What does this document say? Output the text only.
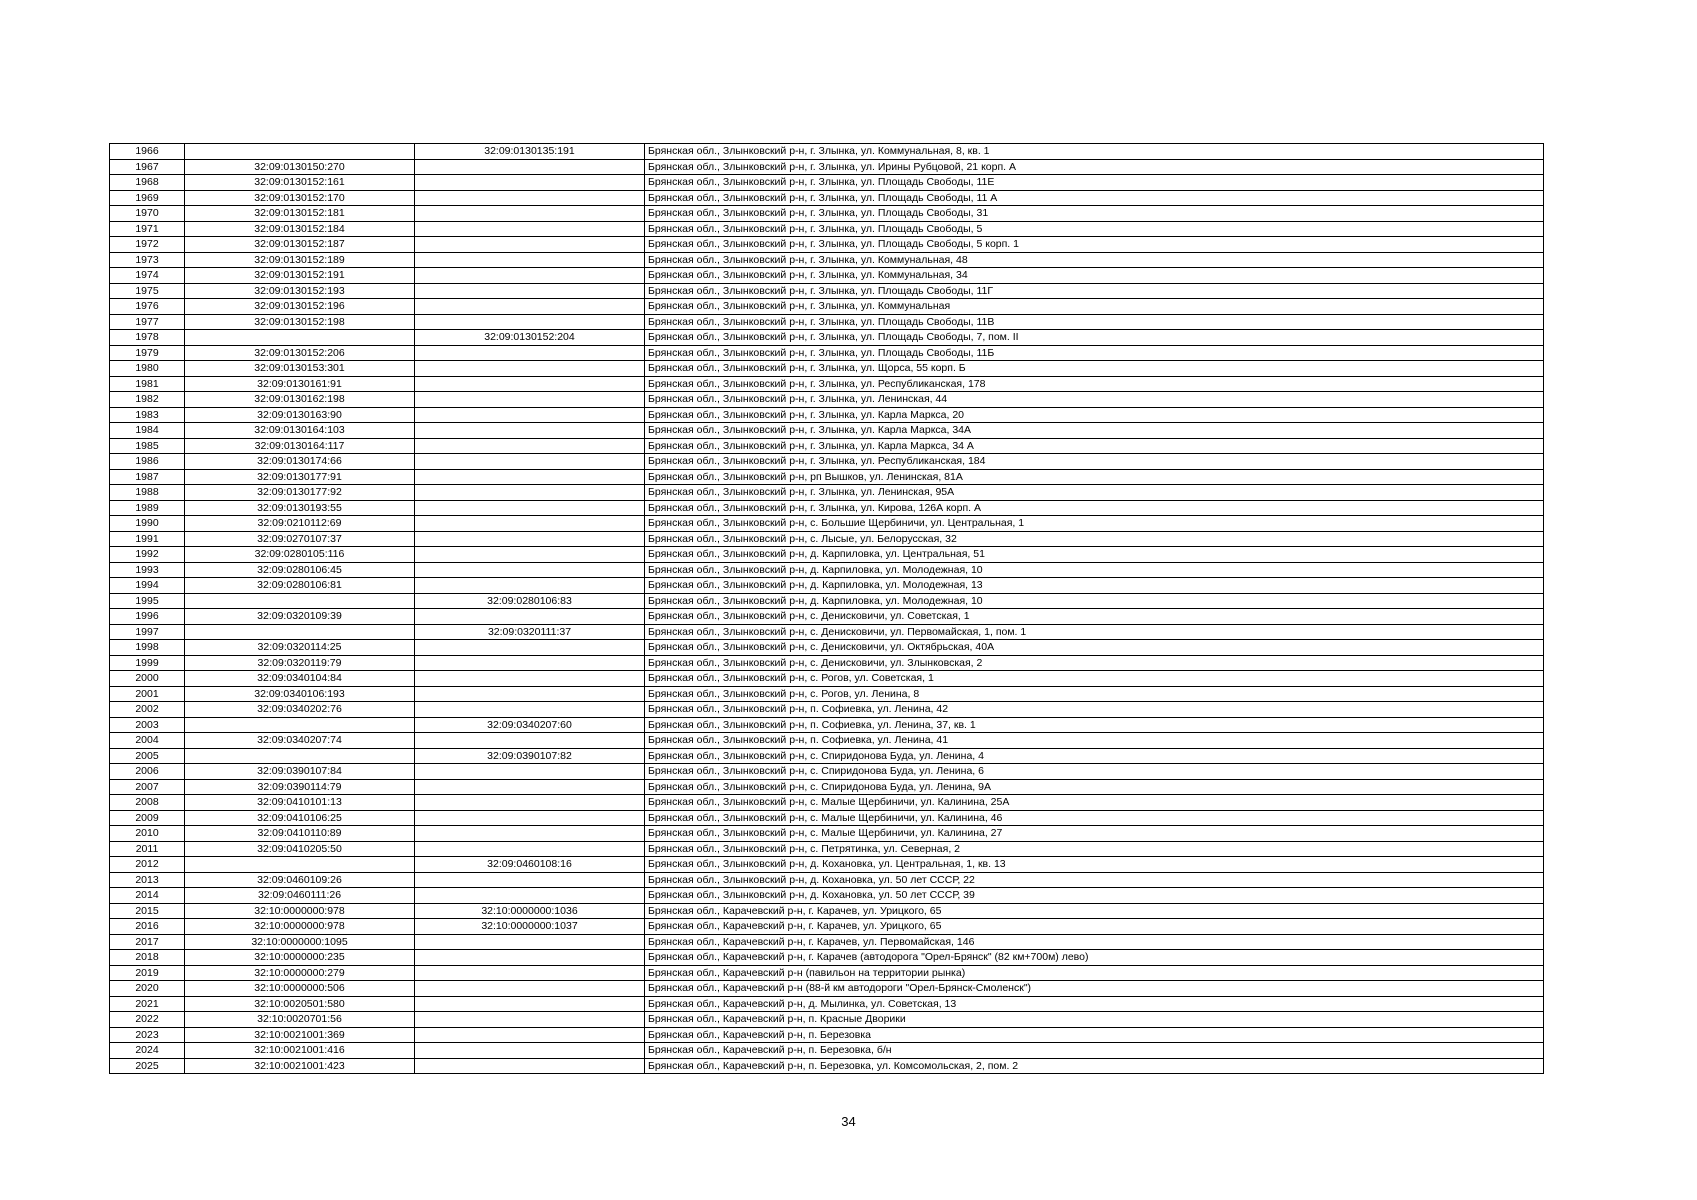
1966		32:09:0130135:191	Брянская обл., Злынковский р-н, г. Злынка, ул. Коммунальная, 8, кв. 1
1967	32:09:0130150:270		Брянская обл., Злынковский р-н, г. Злынка, ул. Ирины Рубцовой, 21 корп. А
1968	32:09:0130152:161		Брянская обл., Злынковский р-н, г. Злынка, ул. Площадь Свободы, 11Е
1969	32:09:0130152:170		Брянская обл., Злынковский р-н, г. Злынка, ул. Площадь Свободы, 11 А
1970	32:09:0130152:181		Брянская обл., Злынковский р-н, г. Злынка, ул. Площадь Свободы, 31
1971	32:09:0130152:184		Брянская обл., Злынковский р-н, г. Злынка, ул. Площадь Свободы, 5
1972	32:09:0130152:187		Брянская обл., Злынковский р-н, г. Злынка, ул. Площадь Свободы, 5 корп. 1
1973	32:09:0130152:189		Брянская обл., Злынковский р-н, г. Злынка, ул. Коммунальная, 48
1974	32:09:0130152:191		Брянская обл., Злынковский р-н, г. Злынка, ул. Коммунальная, 34
1975	32:09:0130152:193		Брянская обл., Злынковский р-н, г. Злынка, ул. Площадь Свободы, 11Г
1976	32:09:0130152:196		Брянская обл., Злынковский р-н, г. Злынка, ул. Коммунальная
1977	32:09:0130152:198		Брянская обл., Злынковский р-н, г. Злынка, ул. Площадь Свободы, 11В
1978		32:09:0130152:204	Брянская обл., Злынковский р-н, г. Злынка, ул. Площадь Свободы, 7, пом. II
1979	32:09:0130152:206		Брянская обл., Злынковский р-н, г. Злынка, ул. Площадь Свободы, 11Б
1980	32:09:0130153:301		Брянская обл., Злынковский р-н, г. Злынка, ул. Щорса, 55 корп. Б
1981	32:09:0130161:91		Брянская обл., Злынковский р-н, г. Злынка, ул. Республиканская, 178
1982	32:09:0130162:198		Брянская обл., Злынковский р-н, г. Злынка, ул. Ленинская, 44
1983	32:09:0130163:90		Брянская обл., Злынковский р-н, г. Злынка, ул. Карла Маркса, 20
1984	32:09:0130164:103		Брянская обл., Злынковский р-н, г. Злынка, ул. Карла Маркса, 34А
1985	32:09:0130164:117		Брянская обл., Злынковский р-н, г. Злынка, ул. Карла Маркса, 34 А
1986	32:09:0130174:66		Брянская обл., Злынковский р-н, г. Злынка, ул. Республиканская, 184
1987	32:09:0130177:91		Брянская обл., Злынковский р-н, рп Вышков, ул. Ленинская, 81А
1988	32:09:0130177:92		Брянская обл., Злынковский р-н, г. Злынка, ул. Ленинская, 95А
1989	32:09:0130193:55		Брянская обл., Злынковский р-н, г. Злынка, ул. Кирова, 126А корп. А
1990	32:09:0210112:69		Брянская обл., Злынковский р-н, с. Большие Щербиничи, ул. Центральная, 1
1991	32:09:0270107:37		Брянская обл., Злынковский р-н, с. Лысые, ул. Белорусская, 32
1992	32:09:0280105:116		Брянская обл., Злынковский р-н, д. Карпиловка, ул. Центральная, 51
1993	32:09:0280106:45		Брянская обл., Злынковский р-н, д. Карпиловка, ул. Молодежная, 10
1994	32:09:0280106:81		Брянская обл., Злынковский р-н, д. Карпиловка, ул. Молодежная, 13
1995		32:09:0280106:83	Брянская обл., Злынковский р-н, д. Карпиловка, ул. Молодежная, 10
1996	32:09:0320109:39		Брянская обл., Злынковский р-н, с. Денисковичи, ул. Советская, 1
1997		32:09:0320111:37	Брянская обл., Злынковский р-н, с. Денисковичи, ул. Первомайская, 1, пом. 1
1998	32:09:0320114:25		Брянская обл., Злынковский р-н, с. Денисковичи, ул. Октябрьская, 40А
1999	32:09:0320119:79		Брянская обл., Злынковский р-н, с. Денисковичи, ул. Злынковская, 2
2000	32:09:0340104:84		Брянская обл., Злынковский р-н, с. Рогов, ул. Советская, 1
2001	32:09:0340106:193		Брянская обл., Злынковский р-н, с. Рогов, ул. Ленина, 8
2002	32:09:0340202:76		Брянская обл., Злынковский р-н, п. Софиевка, ул. Ленина, 42
2003		32:09:0340207:60	Брянская обл., Злынковский р-н, п. Софиевка, ул. Ленина, 37, кв. 1
2004	32:09:0340207:74		Брянская обл., Злынковский р-н, п. Софиевка, ул. Ленина, 41
2005		32:09:0390107:82	Брянская обл., Злынковский р-н, с. Спиридонова Буда, ул. Ленина, 4
2006	32:09:0390107:84		Брянская обл., Злынковский р-н, с. Спиридонова Буда, ул. Ленина, 6
2007	32:09:0390114:79		Брянская обл., Злынковский р-н, с. Спиридонова Буда, ул. Ленина, 9А
2008	32:09:0410101:13		Брянская обл., Злынковский р-н, с. Малые Щербиничи, ул. Калинина, 25А
2009	32:09:0410106:25		Брянская обл., Злынковский р-н, с. Малые Щербиничи, ул. Калинина, 46
2010	32:09:0410110:89		Брянская обл., Злынковский р-н, с. Малые Щербиничи, ул. Калинина, 27
2011	32:09:0410205:50		Брянская обл., Злынковский р-н, с. Петрятинка, ул. Северная, 2
2012		32:09:0460108:16	Брянская обл., Злынковский р-н, д. Кохановка, ул. Центральная, 1, кв. 13
2013	32:09:0460109:26		Брянская обл., Злынковский р-н, д. Кохановка, ул. 50 лет СССР, 22
2014	32:09:0460111:26		Брянская обл., Злынковский р-н, д. Кохановка, ул. 50 лет СССР, 39
2015	32:10:0000000:978	32:10:0000000:1036	Брянская обл., Карачевский р-н, г. Карачев, ул. Урицкого, 65
2016	32:10:0000000:978	32:10:0000000:1037	Брянская обл., Карачевский р-н, г. Карачев, ул. Урицкого, 65
2017	32:10:0000000:1095		Брянская обл., Карачевский р-н, г. Карачев, ул. Первомайская, 146
2018	32:10:0000000:235		Брянская обл., Карачевский р-н, г. Карачев (автодорога "Орел-Брянск" (82 км+700м) лево)
2019	32:10:0000000:279		Брянская обл., Карачевский р-н (павильон на территории рынка)
2020	32:10:0000000:506		Брянская обл., Карачевский р-н (88-й км автодороги "Орел-Брянск-Смоленск")
2021	32:10:0020501:580		Брянская обл., Карачевский р-н, д. Мылинка, ул. Советская, 13
2022	32:10:0020701:56		Брянская обл., Карачевский р-н, п. Красные Дворики
2023	32:10:0021001:369		Брянская обл., Карачевский р-н, п. Березовка
2024	32:10:0021001:416		Брянская обл., Карачевский р-н, п. Березовка, б/н
2025	32:10:0021001:423		Брянская обл., Карачевский р-н, п. Березовка, ул. Комсомольская, 2, пом. 2
34
